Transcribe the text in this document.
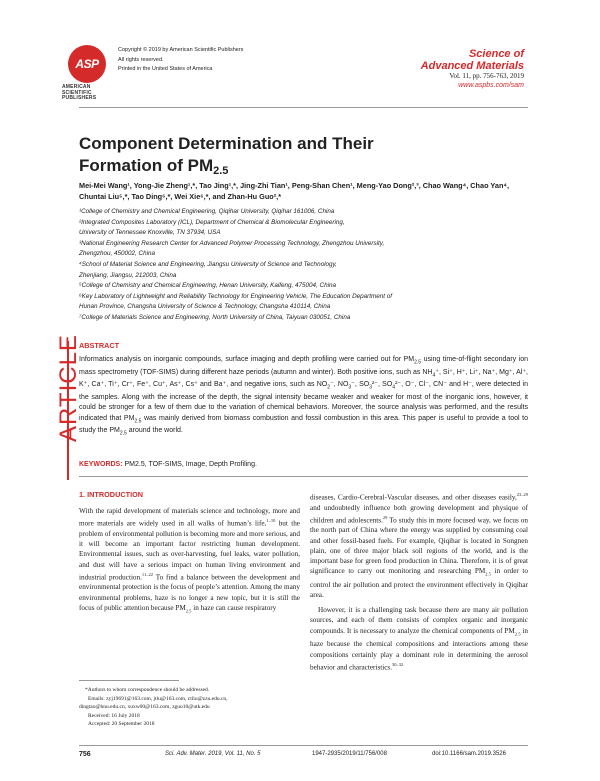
ASP
AMERICAN
SCIENTIFIC
PUBLISHERS
Copyright © 2019 by American Scientific Publishers
All rights reserved.
Printed in the United States of America
Science of
Advanced Materials
Vol. 11, pp. 756-763, 2019
www.aspbs.com/sam
Component Determination and Their
Formation of $PM_{2.5}$
Mei-Mei Wang¹, Yong-Jie Zheng¹,*, Tao Jing¹,*, Jing-Zhi Tian¹, Peng-Shan Chen¹, Meng-Yao Dong²,³, Chao Wang⁴, Chao Yan⁴, Chuntai Liu⁵,*, Tao Ding⁶,*, Wei Xie⁶,*, and Zhan-Hu Guo²,*
¹College of Chemistry and Chemical Engineering, Qiqihar University, Qiqihar 161006, China
²Integrated Composites Laboratory (ICL), Department of Chemical & Biomolecular Engineering,
University of Tennessee Knoxville, TN 37934, USA
³National Engineering Research Center for Advanced Polymer Processing Technology, Zhengzhou University,
Zhengzhou, 450002, China
⁴School of Material Science and Engineering, Jiangsu University of Science and Technology,
Zhenjiang, Jiangsu, 212003, China
⁵College of Chemistry and Chemical Engineering, Henan University, Kaifeng, 475004, China
⁶Key Laboratory of Lightweight and Reliability Technology for Engineering Vehicle, The Education Department of
Hunan Province, Changsha University of Science & Technology, Changsha 410114, China
⁷College of Materials Science and Engineering, North University of China, Taiyuan 030051, China
ARTICLE
ABSTRACT
Informatics analysis on inorganic compounds, surface imaging and depth profiling were carried out for $PM_{2.5}$ using time-of-flight secondary ion mass spectrometry (TOF-SIMS) during different haze periods (autumn and winter). Both positive ions, such as $NH_4^+$, Si⁺, H⁺, Li⁺, Na⁺, Mg⁺, Al⁺, K⁺, Ca⁺, Ti⁺, Cr⁺, Fe⁺, Cu⁺, As⁺, Cs⁺ and Ba⁺, and negative ions, such as $NO_2^-$, $NO_3^-$, $SO_3^{2-}$, $SO_4^{2-}$, O⁻, Cl⁻, CN⁻ and H⁻, were detected in the samples. Along with the increase of the depth, the signal intensity became weaker and weaker for most of the inorganic ions, however, it could be stronger for a few of them due to the variation of chemical behaviors. Moreover, the source analysis was performed, and the results indicated that $PM_{2.5}$ was mainly derived from biomass combustion and fossil combustion in this area. This paper is useful to provide a tool to study the $PM_{2.5}$ around the world.
KEYWORDS: PM2.5, TOF-SIMS, Image, Depth Profiling.
1. INTRODUCTION
With the rapid development of materials science and technology, more and more materials are widely used in all walks of human’s life,$^{1-10}$ but the problem of environmental pollution is becoming more and more serious, and it will become an important factor restricting human development. Environmental issues, such as over-harvesting, fuel leaks, water pollution, and dust will have a serious impact on human living environment and industrial production.$^{11-22}$ To find a balance between the development and environmental protection is the focus of people’s attention. Among the many environmental problems, haze is no longer a new topic, but it is still the focus of public attention because $PM_{2.5}$ in haze can cause respiratory
diseases, Cardio-Cerebral-Vascular diseases, and other diseases easily,$^{23-29}$ and undoubtedly influence both growing development and physique of children and adolescents.$^{29}$ To study this in more focused way, we focus on the north part of China where the energy was supplied by consuming coal and other fossil-based fuels. For example, Qiqihar is located in Songnen plain, one of three major black soil regions of the world, and is the important base for green food production in China. Therefore, it is of great significance to carry out monitoring and researching $PM_{2.5}$ in order to control the air pollution and protect the environment effectively in Qiqihar area.
However, it is a challenging task because there are many air pollution sources, and each of them consists of complex organic and inorganic compounds. It is necessary to analyze the chemical components of $PM_{2.5}$ in haze because the chemical compositions and interactions among these compositions certainly play a dominant role in determining the aerosol behavior and characteristics.$^{30-32}$
*Authors to whom correspondence should be addressed.
Emails: zyj19691@163.com, jtlu@163.com, ctliu@zzu.edu.cn,
dingtao@hnu.edu.cn, xuxw00@163.com, zguo10@utk.edu
Received: 16 July 2018
Accepted: 20 September 2018
756	Sci. Adv. Mater. 2019, Vol. 11, No. 5	1947-2935/2019/11/756/008	doi:10.1166/sam.2019.3526
